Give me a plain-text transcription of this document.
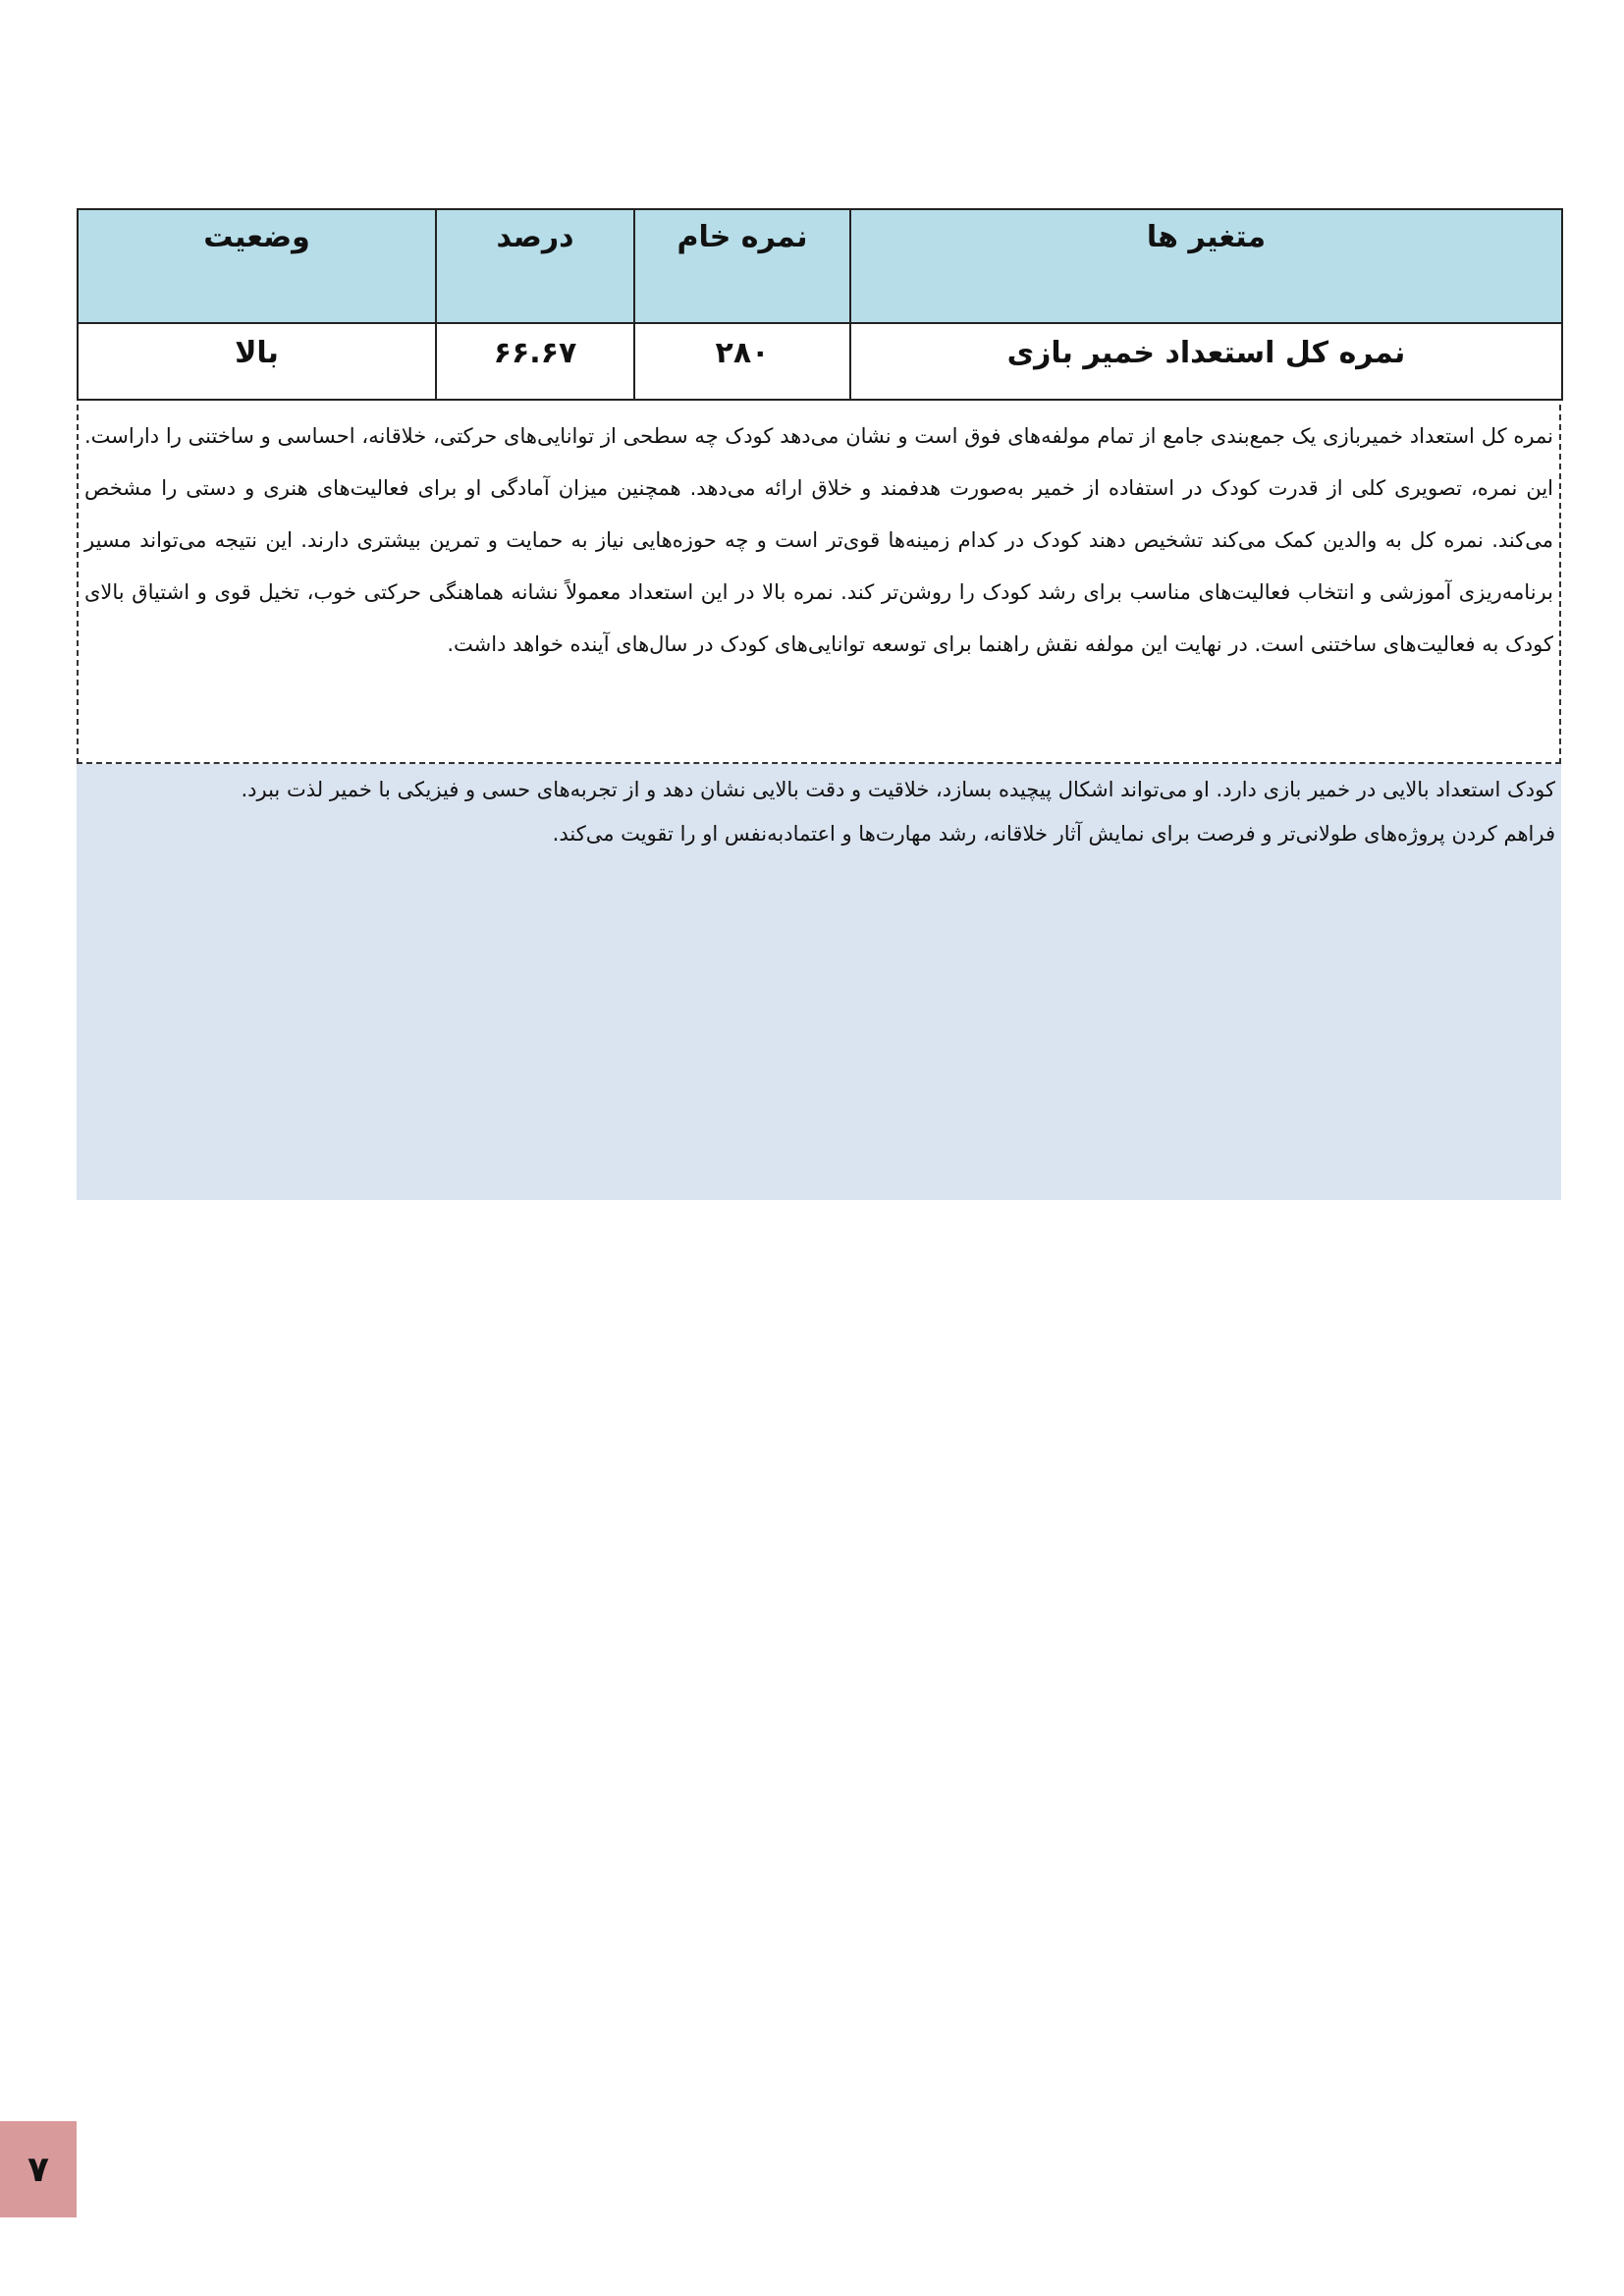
متغیر ها	نمره خام	درصد	وضعیت
نمره کل استعداد خمیر بازی	۲۸۰	۶۶.۶۷	بالا

نمره کل استعداد خمیربازی یک جمع‌بندی جامع از تمام مولفه‌های فوق است و نشان می‌دهد کودک چه سطحی از توانایی‌های حرکتی، خلاقانه، احساسی و ساختنی را داراست. این نمره، تصویری کلی از قدرت کودک در استفاده از خمیر به‌صورت هدفمند و خلاق ارائه می‌دهد. همچنین میزان آمادگی او برای فعالیت‌های هنری و دستی را مشخص می‌کند. نمره کل به والدین کمک می‌کند تشخیص دهند کودک در کدام زمینه‌ها قوی‌تر است و چه حوزه‌هایی نیاز به حمایت و تمرین بیشتری دارند. این نتیجه می‌تواند مسیر برنامه‌ریزی آموزشی و انتخاب فعالیت‌های مناسب برای رشد کودک را روشن‌تر کند. نمره بالا در این استعداد معمولاً نشانه هماهنگی حرکتی خوب، تخیل قوی و اشتیاق بالای کودک به فعالیت‌های ساختنی است. در نهایت این مولفه نقش راهنما برای توسعه توانایی‌های کودک در سال‌های آینده خواهد داشت.

کودک استعداد بالایی در خمیر بازی دارد. او می‌تواند اشکال پیچیده بسازد، خلاقیت و دقت بالایی نشان دهد و از تجربه‌های حسی و فیزیکی با خمیر لذت ببرد. فراهم کردن پروژه‌های طولانی‌تر و فرصت برای نمایش آثار خلاقانه، رشد مهارت‌ها و اعتماد‌به‌نفس او را تقویت می‌کند.

۷
